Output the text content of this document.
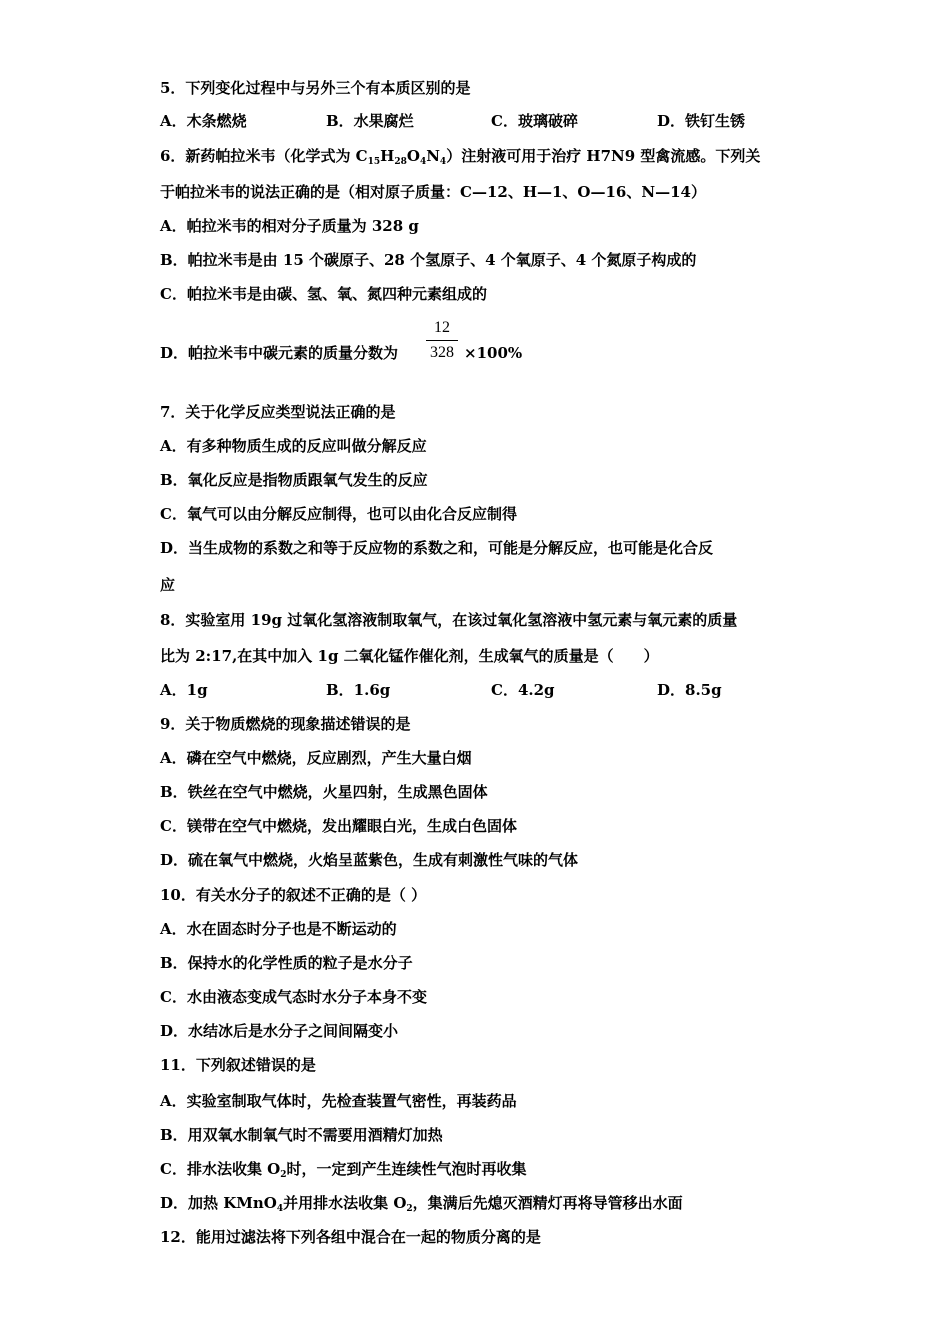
5．下列变化过程中与另外三个有本质区别的是
A．木条燃烧	B．水果腐烂	C．玻璃破碎	D．铁钉生锈
6．新药帕拉米韦（化学式为 $C_{15}H_{28}O_4N_4$）注射液可用于治疗 H7N9 型禽流感。下列关
于帕拉米韦的说法正确的是（相对原子质量：C—12、H—1、O—16、N—14）
A．帕拉米韦的相对分子质量为 328 g
B．帕拉米韦是由 15 个碳原子、28 个氢原子、4 个氧原子、4 个氮原子构成的
C．帕拉米韦是由碳、氢、氧、氮四种元素组成的
D．帕拉米韦中碳元素的质量分数为
12
328 ×100%
7．关于化学反应类型说法正确的是
A．有多种物质生成的反应叫做分解反应
B．氧化反应是指物质跟氧气发生的反应
C．氧气可以由分解反应制得，也可以由化合反应制得
D．当生成物的系数之和等于反应物的系数之和，可能是分解反应，也可能是化合反
应
8．实验室用 19g 过氧化氢溶液制取氧气，在该过氧化氢溶液中氢元素与氧元素的质量
比为 2:17,在其中加入 1g 二氧化锰作催化剂，生成氧气的质量是（　　）
A．1g	B．1.6g	C．4.2g	D．8.5g
9．关于物质燃烧的现象描述错误的是
A．磷在空气中燃烧，反应剧烈，产生大量白烟
B．铁丝在空气中燃烧，火星四射，生成黑色固体
C．镁带在空气中燃烧，发出耀眼白光，生成白色固体
D．硫在氧气中燃烧，火焰呈蓝紫色，生成有刺激性气味的气体
10．有关水分子的叙述不正确的是（ ）
A．水在固态时分子也是不断运动的
B．保持水的化学性质的粒子是水分子
C．水由液态变成气态时水分子本身不变
D．水结冰后是水分子之间间隔变小
11．下列叙述错误的是
A．实验室制取气体时，先检查装置气密性，再装药品
B．用双氧水制氧气时不需要用酒精灯加热
C．排水法收集 $O_2$时，一定到产生连续性气泡时再收集
D．加热 KMnO$_4$并用排水法收集 $O_2$，集满后先熄灭酒精灯再将导管移出水面
12．能用过滤法将下列各组中混合在一起的物质分离的是
